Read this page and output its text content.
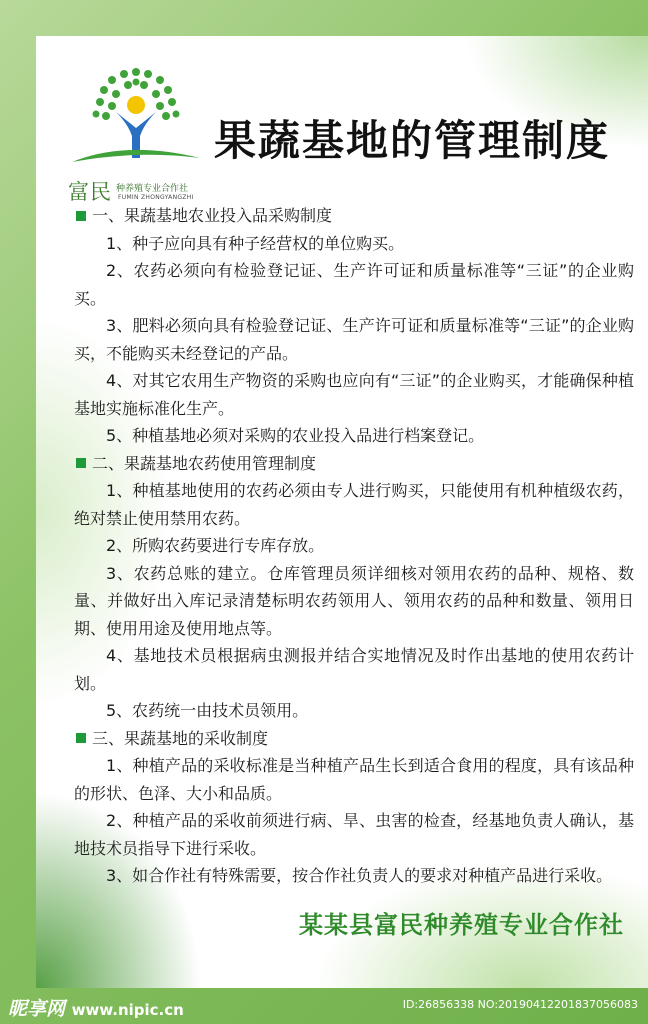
富民 种养殖专业合作社
FUMIN ZHONGYANGZHI
果蔬基地的管理制度
一、果蔬基地农业投入品采购制度

1、种子应向具有种子经营权的单位购买。

2、农药必须向有检验登记证、生产许可证和质量标准等“三证”的企业购买。

3、肥料必须向具有检验登记证、生产许可证和质量标准等“三证”的企业购买，不能购买未经登记的产品。

4、对其它农用生产物资的采购也应向有“三证”的企业购买，才能确保种植基地实施标准化生产。

5、种植基地必须对采购的农业投入品进行档案登记。

二、果蔬基地农药使用管理制度

1、种植基地使用的农药必须由专人进行购买，只能使用有机种植级农药，绝对禁止使用禁用农药。

2、所购农药要进行专库存放。

3、农药总账的建立。仓库管理员须详细核对领用农药的品种、规格、数量、并做好出入库记录清楚标明农药领用人、领用农药的品种和数量、领用日期、使用用途及使用地点等。

4、基地技术员根据病虫测报并结合实地情况及时作出基地的使用农药计划。

5、农药统一由技术员领用。

三、果蔬基地的采收制度

1、种植产品的采收标准是当种植产品生长到适合食用的程度，具有该品种的形状、色泽、大小和品质。

2、种植产品的采收前须进行病、旱、虫害的检查，经基地负责人确认，基地技术员指导下进行采收。

3、如合作社有特殊需要，按合作社负责人的要求对种植产品进行采收。

某某县富民种养殖专业合作社
昵享网 www.nipic.cn	ID:26856338 NO:20190412201837056083
